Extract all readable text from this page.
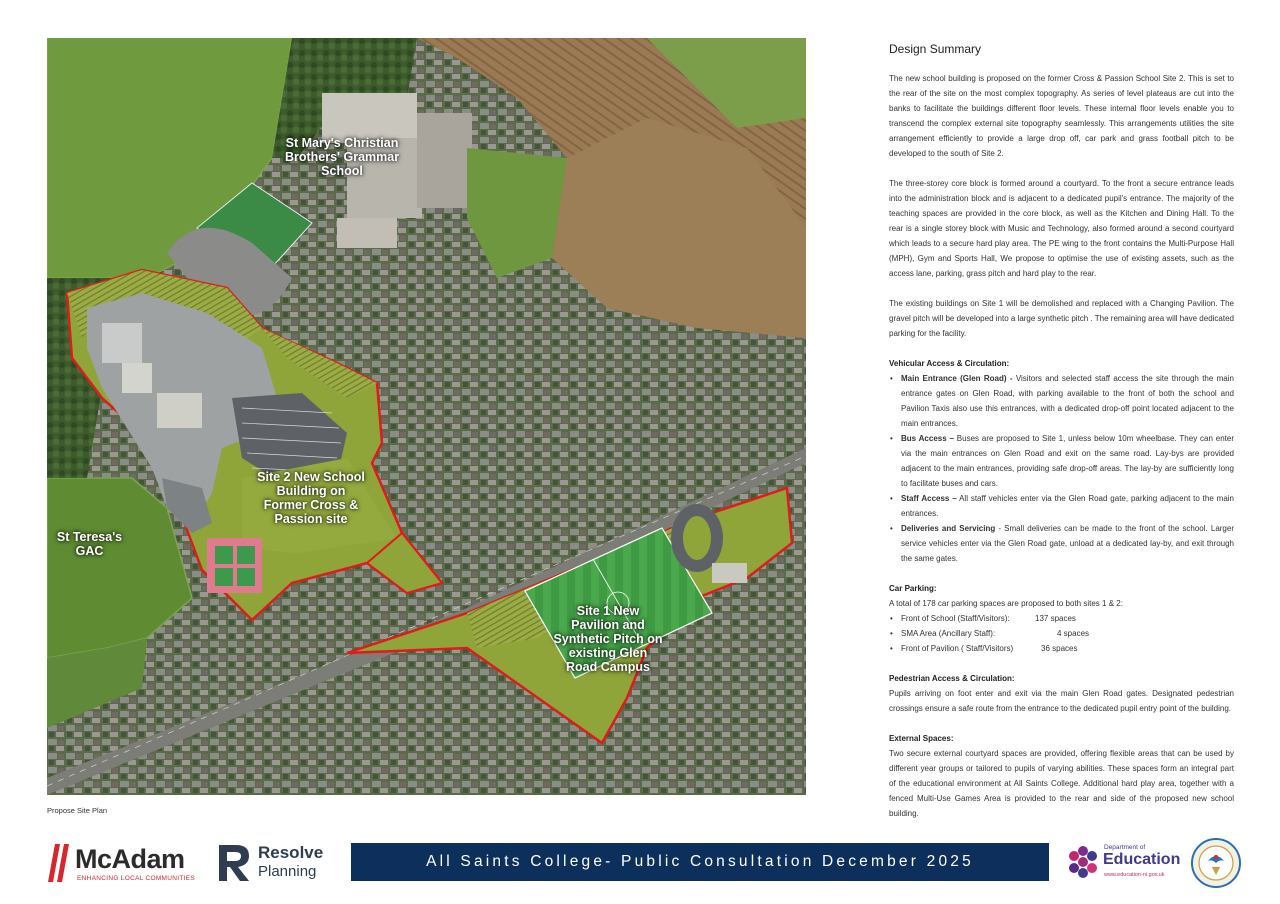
St Mary's Christian Brothers' Grammar School
St Teresa's GAC
Site 2 New School Building on Former Cross & Passion site
Site 1 New Pavilion and Synthetic Pitch on existing Glen Road Campus
Propose Site Plan
Design Summary

The new school building is proposed on the former Cross & Passion School Site 2. This is set to the rear of the site on the most complex topography. As series of level plateaus are cut into the banks to facilitate the buildings different floor levels. These internal floor levels enable you to transcend the complex external site topography seamlessly. This arrangements utilities the site arrangement efficiently to provide a large drop off, car park and grass football pitch to be developed to the south of Site 2.

The three-storey core block is formed around a courtyard. To the front a secure entrance leads into the administration block and is adjacent to a dedicated pupil's entrance. The majority of the teaching spaces are provided in the core block, as well as the Kitchen and Dining Hall. To the rear is a single storey block with Music and Technology, also formed around a second courtyard which leads to a secure hard play area. The PE wing to the front contains the Multi-Purpose Hall (MPH), Gym and Sports Hall, We propose to optimise the use of existing assets, such as the access lane, parking, grass pitch and hard play to the rear.

The existing buildings on Site 1 will be demolished and replaced with a Changing Pavilion. The gravel pitch will be developed into a large synthetic pitch . The remaining area will have dedicated parking for the facility.

Vehicular Access & Circulation:
• Main Entrance (Glen Road) - Visitors and selected staff access the site through the main entrance gates on Glen Road, with parking available to the front of both the school and Pavilion Taxis also use this entrances, with a dedicated drop-off point located adjacent to the main entrances.
• Bus Access – Buses are proposed to Site 1, unless below 10m wheelbase. They can enter via the main entrances on Glen Road and exit on the same road. Lay-bys are provided adjacent to the main entrances, providing safe drop-off areas. The lay-by are sufficiently long to facilitate buses and cars.
• Staff Access – All staff vehicles enter via the Glen Road gate, parking adjacent to the main entrances.
• Deliveries and Servicing - Small deliveries can be made to the front of the school. Larger service vehicles enter via the Glen Road gate, unload at a dedicated lay-by, and exit through the same gates.
Car Parking:
A total of 178 car parking spaces are proposed to both sites 1 & 2:
• Front of School (Staff/Visitors):	137 spaces
• SMA Area (Ancillary Staff):	4 spaces
• Front of Pavilion ( Staff/Visitors)	36 spaces
Pedestrian Access & Circulation:

Pupils arriving on foot enter and exit via the main Glen Road gates. Designated pedestrian crossings ensure a safe route from the entrance to the dedicated pupil entry point of the building.

External Spaces:

Two secure external courtyard spaces are provided, offering flexible areas that can be used by different year groups or tailored to pupils of varying abilities. These spaces form an integral part of the educational environment at All Saints College. Additional hard play area, together with a fenced Multi-Use Games Area is provided to the rear and side of the proposed new school building.

McAdam
ENHANCING LOCAL COMMUNITIES
Resolve
Planning
All Saints College- Public Consultation December 2025
Department of
Education
www.education-ni.gov.uk
